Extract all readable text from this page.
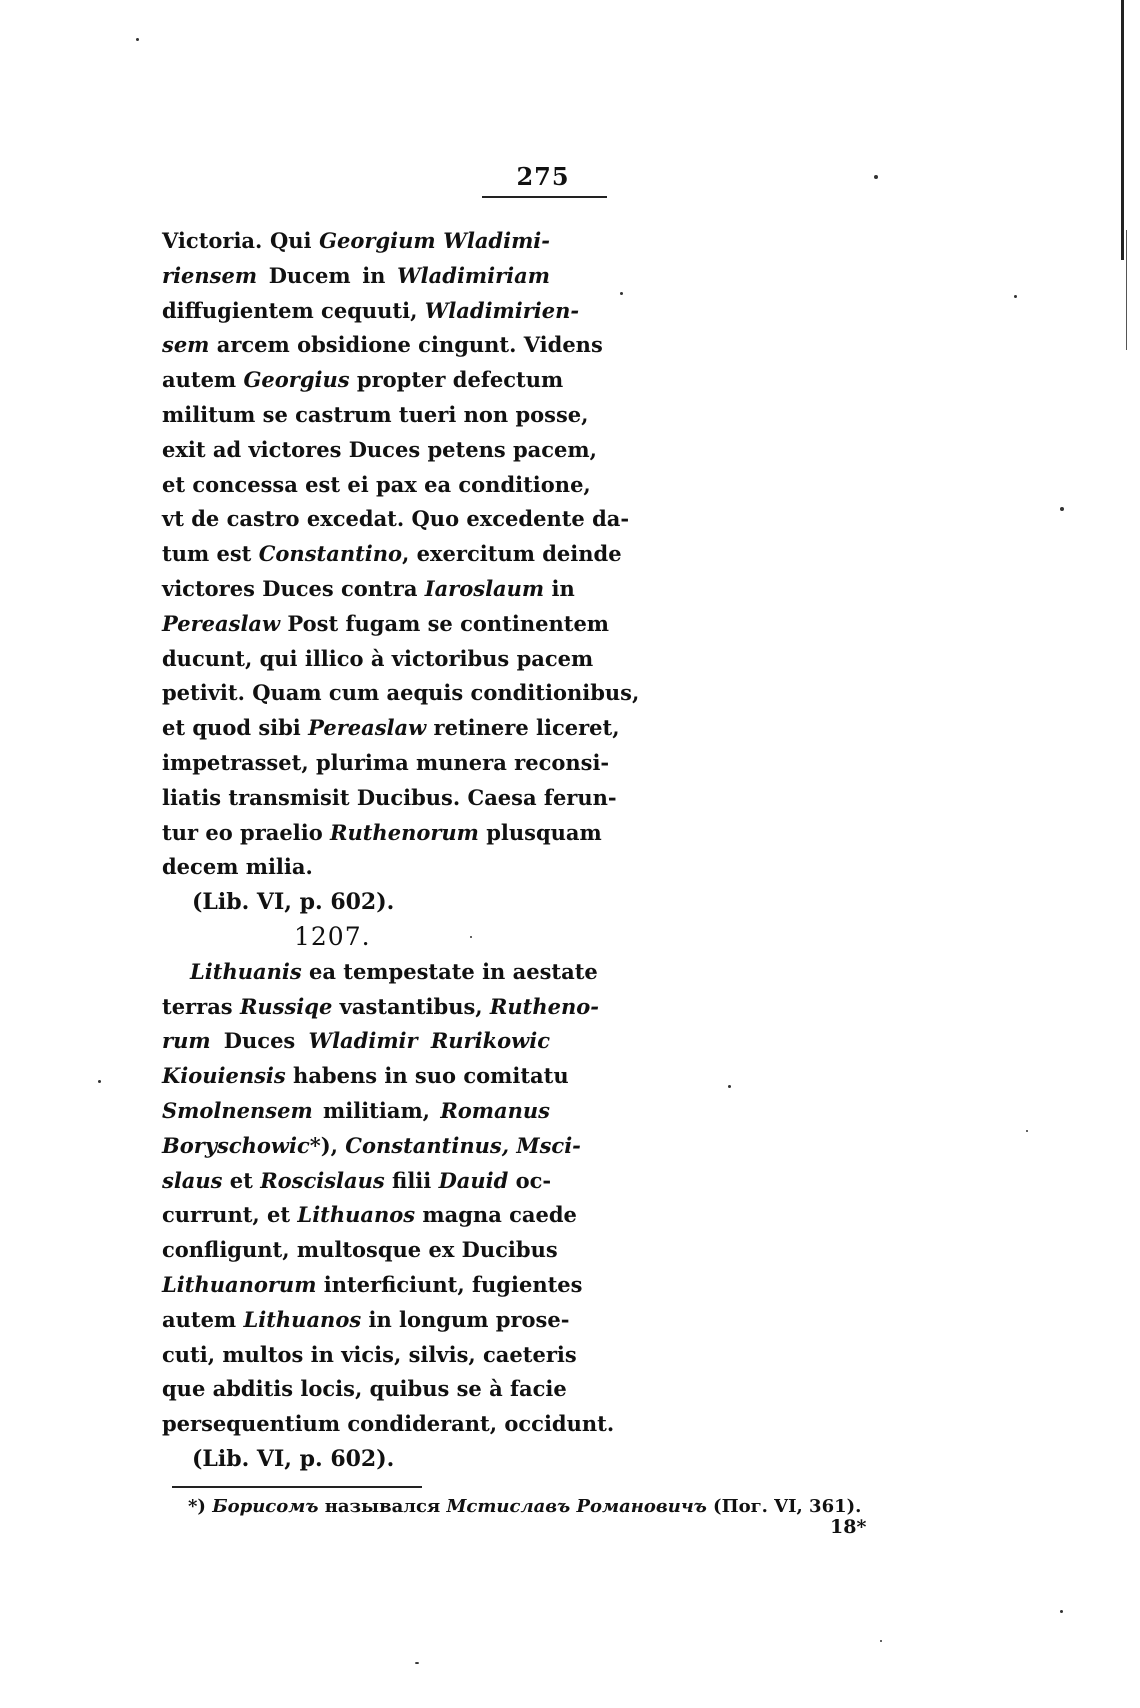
275
Victoria. Qui Georgium Wladimi-
riensem Ducem in Wladimiriam
diffugientem cequuti, Wladimirien-
sem arcem obsidione cingunt. Videns
autem Georgius propter defectum
militum se castrum tueri non posse,
exit ad victores Duces petens pacem,
et concessa est ei pax ea conditione,
vt de castro excedat. Quo excedente da-
tum est Constantino, exercitum deinde
victores Duces contra Iaroslaum in
Pereaslaw Post fugam se continentem
ducunt, qui illico à victoribus pacem
petivit. Quam cum aequis conditionibus,
et quod sibi Pereaslaw retinere liceret,
impetrasset, plurima munera reconsi-
liatis transmisit Ducibus. Caesa ferun-
tur eo praelio Ruthenorum plusquam
decem milia.
(Lib. VI, p. 602).
1207.
Lithuanis ea tempestate in aestate
terras Russiqe vastantibus, Rutheno-
rum Duces Wladimir Rurikowic
Kiouiensis habens in suo comitatu
Smolnensem militiam, Romanus
Boryschowic*), Constantinus, Msci-
slaus et Roscislaus filii Dauid oc-
currunt, et Lithuanos magna caede
confligunt, multosque ex Ducibus
Lithuanorum interficiunt, fugientes
autem Lithuanos in longum prose-
cuti, multos in vicis, silvis, caeteris
que abditis locis, quibus se à facie
persequentium condiderant, occidunt.
(Lib. VI, p. 602).
*) Борисомъ назывался Мстиславъ Романовичъ (Пог. VI, 361).
18*
